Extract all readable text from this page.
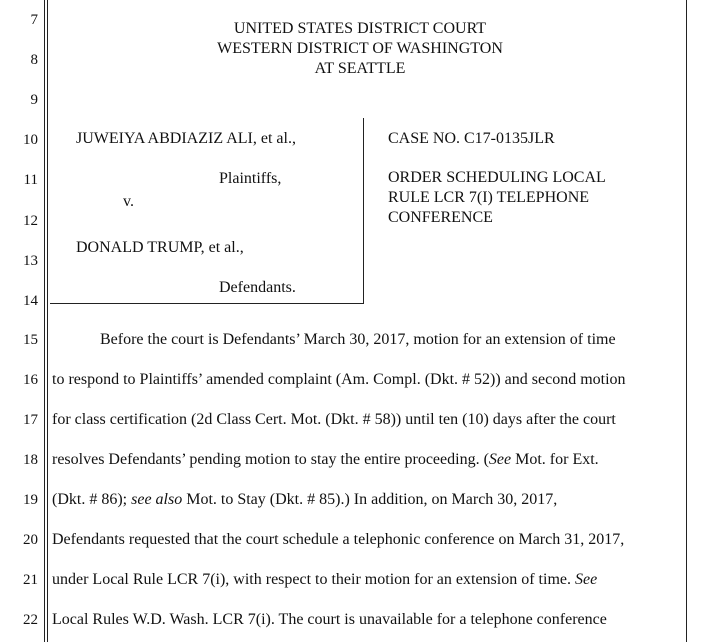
7
8
9
10
11
12
13
14
15
16
17
18
19
20
21
22
UNITED STATES DISTRICT COURT
WESTERN DISTRICT OF WASHINGTON
AT SEATTLE
JUWEIYA ABDIAZIZ ALI, et al.,
Plaintiffs,
v.
DONALD TRUMP, et al.,
Defendants.
CASE NO. C17-0135JLR
ORDER SCHEDULING LOCAL
RULE LCR 7(I) TELEPHONE
CONFERENCE
Before the court is Defendants’ March 30, 2017, motion for an extension of time
to respond to Plaintiffs’ amended complaint (Am. Compl. (Dkt. # 52)) and second motion
for class certification (2d Class Cert. Mot. (Dkt. # 58)) until ten (10) days after the court
resolves Defendants’ pending motion to stay the entire proceeding. (See Mot. for Ext.
(Dkt. # 86); see also Mot. to Stay (Dkt. # 85).) In addition, on March 30, 2017,
Defendants requested that the court schedule a telephonic conference on March 31, 2017,
under Local Rule LCR 7(i), with respect to their motion for an extension of time. See
Local Rules W.D. Wash. LCR 7(i). The court is unavailable for a telephone conference
